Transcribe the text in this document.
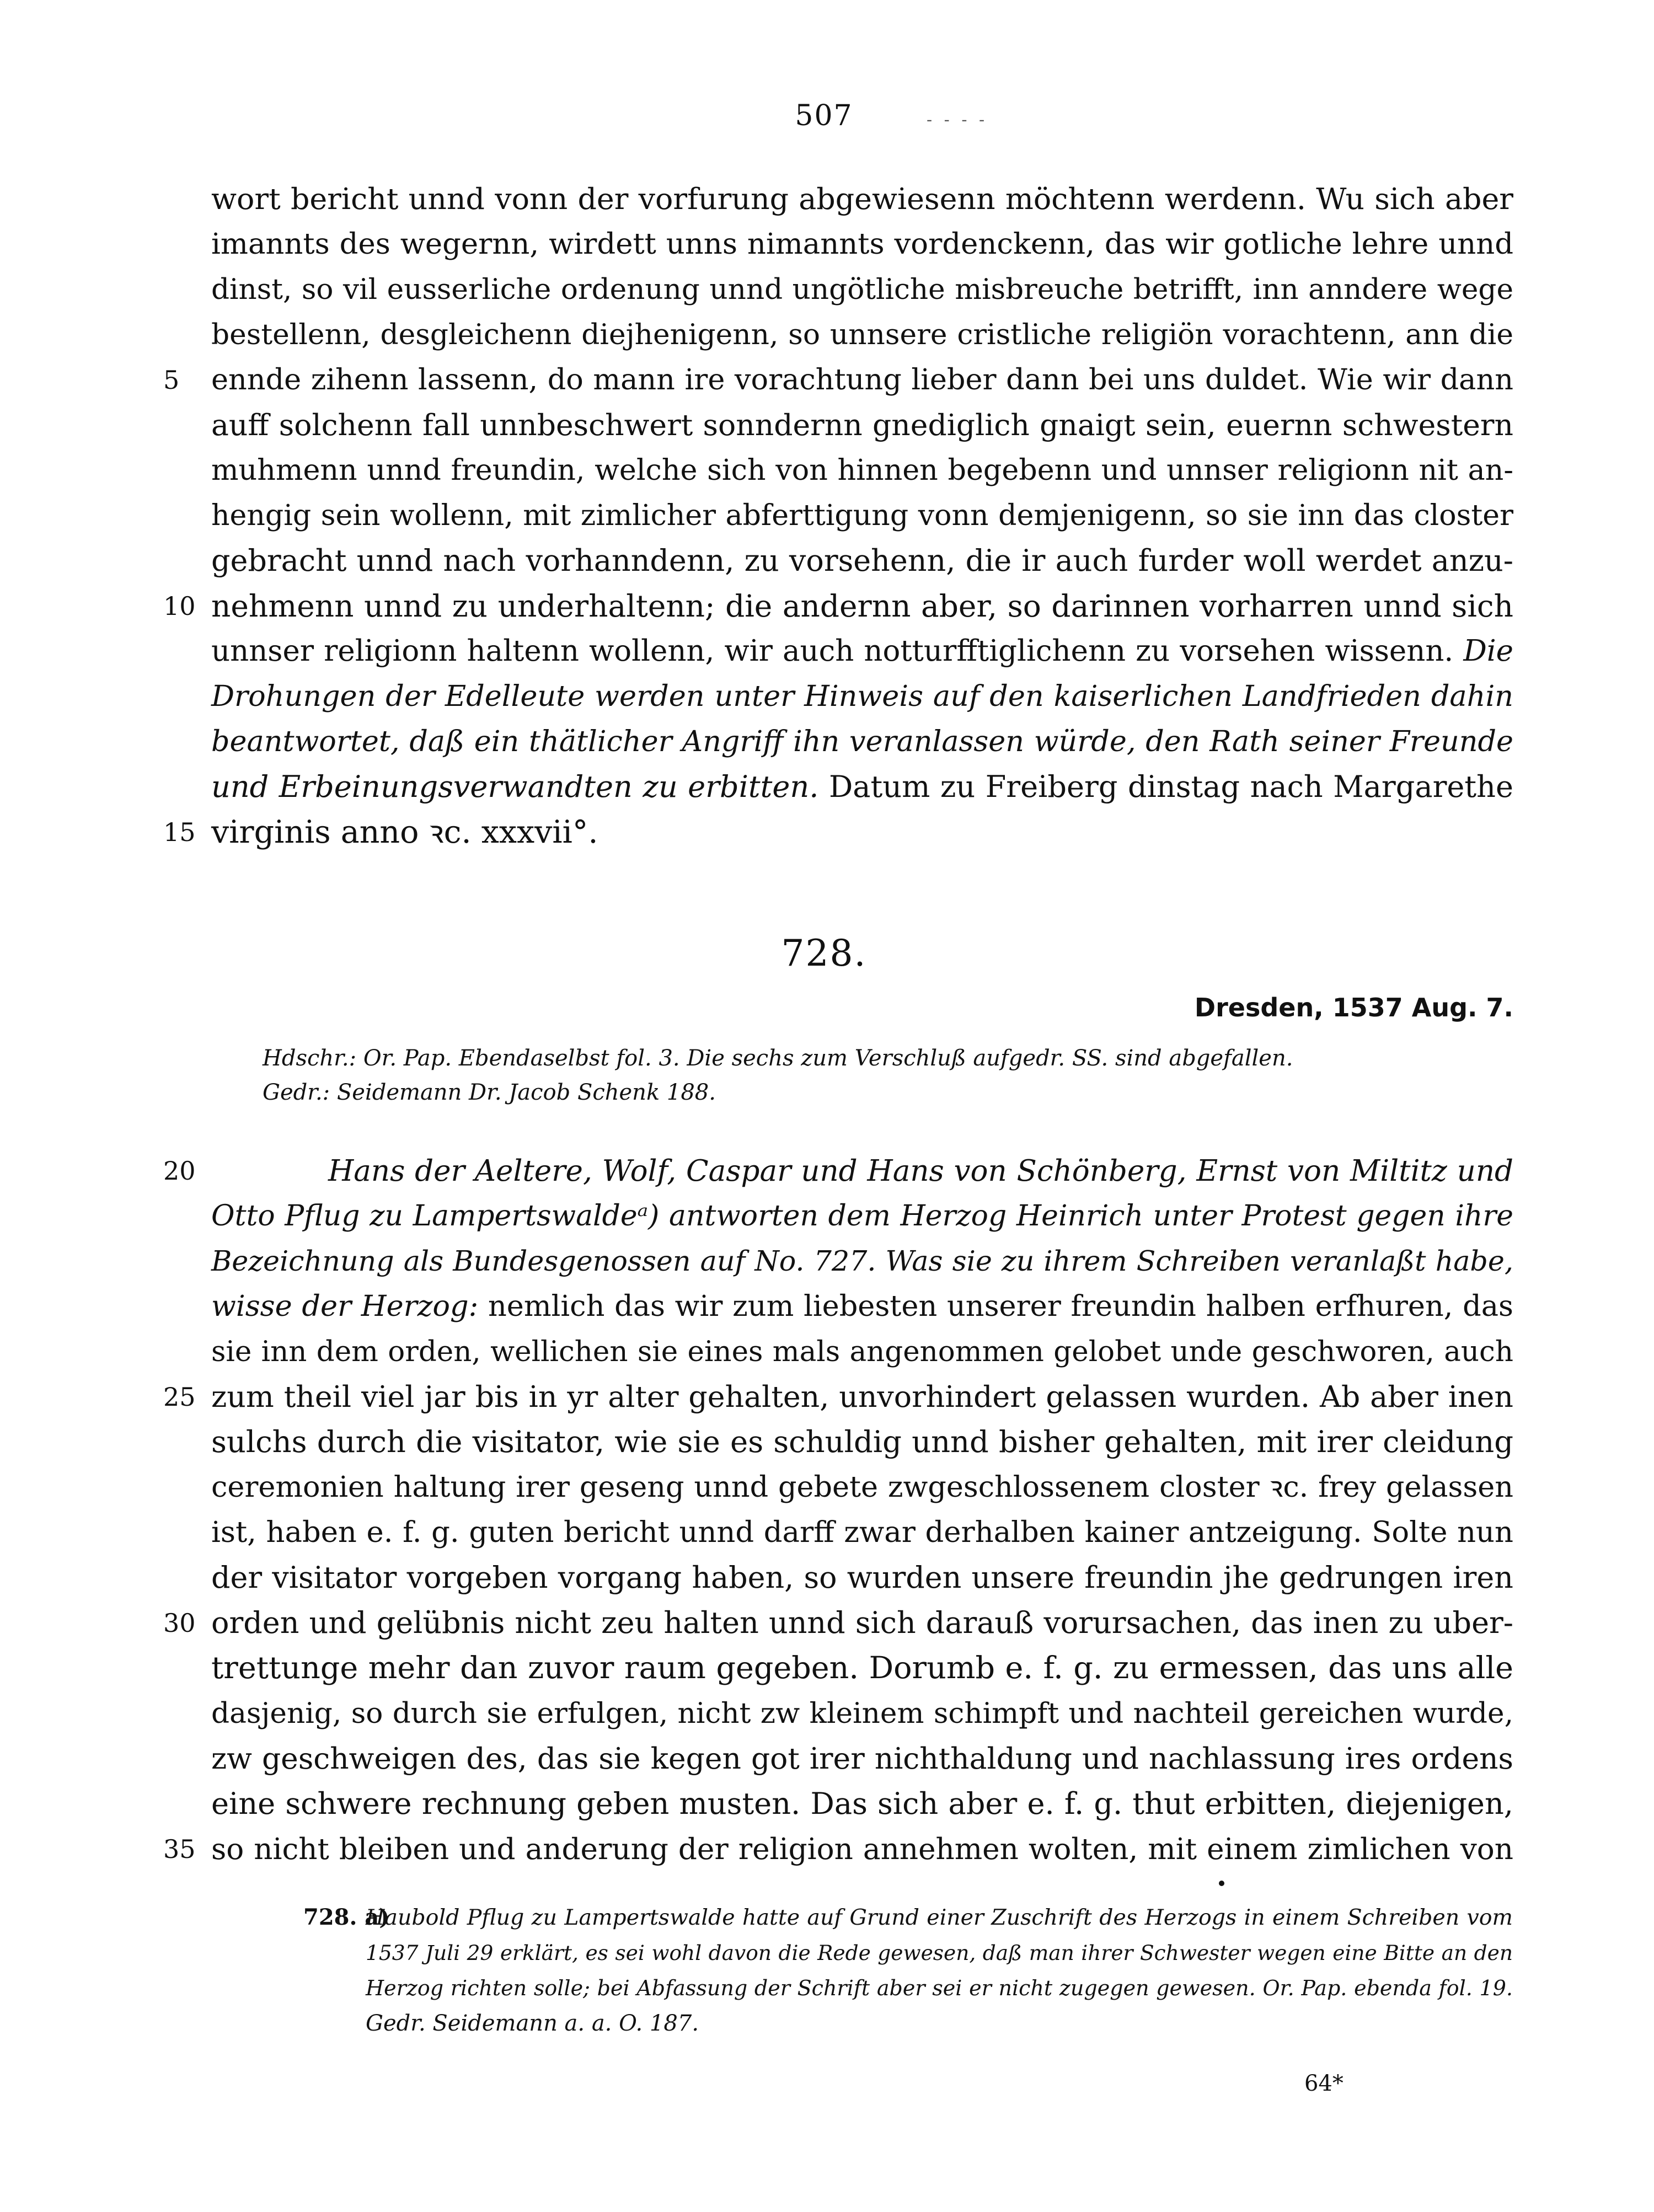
507	- - - -
wort bericht unnd vonn der vorfurung abgewiesenn möchtenn werdenn. Wu sich aber
imannts des wegernn, wirdett unns nimannts vordenckenn, das wir gotliche lehre unnd
dinst, so vil eusserliche ordenung unnd ungötliche misbreuche betrifft, inn anndere wege
bestellenn, desgleichenn diejhenigenn, so unnsere cristliche religiön vorachtenn, ann die
5 ennde zihenn lassenn, do mann ire vorachtung lieber dann bei uns duldet. Wie wir dann
auff solchenn fall unnbeschwert sonndernn gnediglich gnaigt sein, euernn schwestern
muhmenn unnd freundin, welche sich von hinnen begebenn und unnser religionn nit an-
hengig sein wollenn, mit zimlicher abferttigung vonn demjenigenn, so sie inn das closter
gebracht unnd nach vorhanndenn, zu vorsehenn, die ir auch furder woll werdet anzu-
10 nehmenn unnd zu underhaltenn; die andernn aber, so darinnen vorharren unnd sich
unnser religionn haltenn wollenn, wir auch notturfftiglichenn zu vorsehen wissenn. Die
Drohungen der Edelleute werden unter Hinweis auf den kaiserlichen Landfrieden dahin
beantwortet, daß ein thätlicher Angriff ihn veranlassen würde, den Rath seiner Freunde
und Erbeinungsverwandten zu erbitten. Datum zu Freiberg dinstag nach Margarethe
15 virginis anno ꝛc. xxxvii°.
728.
Dresden, 1537 Aug. 7.
Hdschr.: Or. Pap. Ebendaselbst fol. 3. Die sechs zum Verschluß aufgedr. SS. sind abgefallen.
Gedr.: Seidemann Dr. Jacob Schenk 188.
20	Hans der Aeltere, Wolf, Caspar und Hans von Schönberg, Ernst von Miltitz und
Otto Pflug zu Lampertswaldeᵃ) antworten dem Herzog Heinrich unter Protest gegen ihre
Bezeichnung als Bundesgenossen auf No. 727. Was sie zu ihrem Schreiben veranlaßt habe,
wisse der Herzog: nemlich das wir zum liebesten unserer freundin halben erfhuren, das
sie inn dem orden, wellichen sie eines mals angenommen gelobet unde geschworen, auch
25 zum theil viel jar bis in yr alter gehalten, unvorhindert gelassen wurden. Ab aber inen
sulchs durch die visitator, wie sie es schuldig unnd bisher gehalten, mit irer cleidung
ceremonien haltung irer geseng unnd gebete zwgeschlossenem closter ꝛc. frey gelassen
ist, haben e. f. g. guten bericht unnd darff zwar derhalben kainer antzeigung. Solte nun
der visitator vorgeben vorgang haben, so wurden unsere freundin jhe gedrungen iren
30 orden und gelübnis nicht zeu halten unnd sich darauß vorursachen, das inen zu uber-
trettunge mehr dan zuvor raum gegeben. Dorumb e. f. g. zu ermessen, das uns alle
dasjenig, so durch sie erfulgen, nicht zw kleinem schimpft und nachteil gereichen wurde,
zw geschweigen des, das sie kegen got irer nichthaldung und nachlassung ires ordens
eine schwere rechnung geben musten. Das sich aber e. f. g. thut erbitten, diejenigen,
35 so nicht bleiben und anderung der religion annehmen wolten, mit einem zimlichen von
728. a)
Haubold Pflug zu Lampertswalde hatte auf Grund einer Zuschrift des Herzogs in einem Schreiben vom
1537 Juli 29 erklärt, es sei wohl davon die Rede gewesen, daß man ihrer Schwester wegen eine Bitte an den
Herzog richten solle; bei Abfassung der Schrift aber sei er nicht zugegen gewesen. Or. Pap. ebenda fol. 19.
Gedr. Seidemann a. a. O. 187.
64*
